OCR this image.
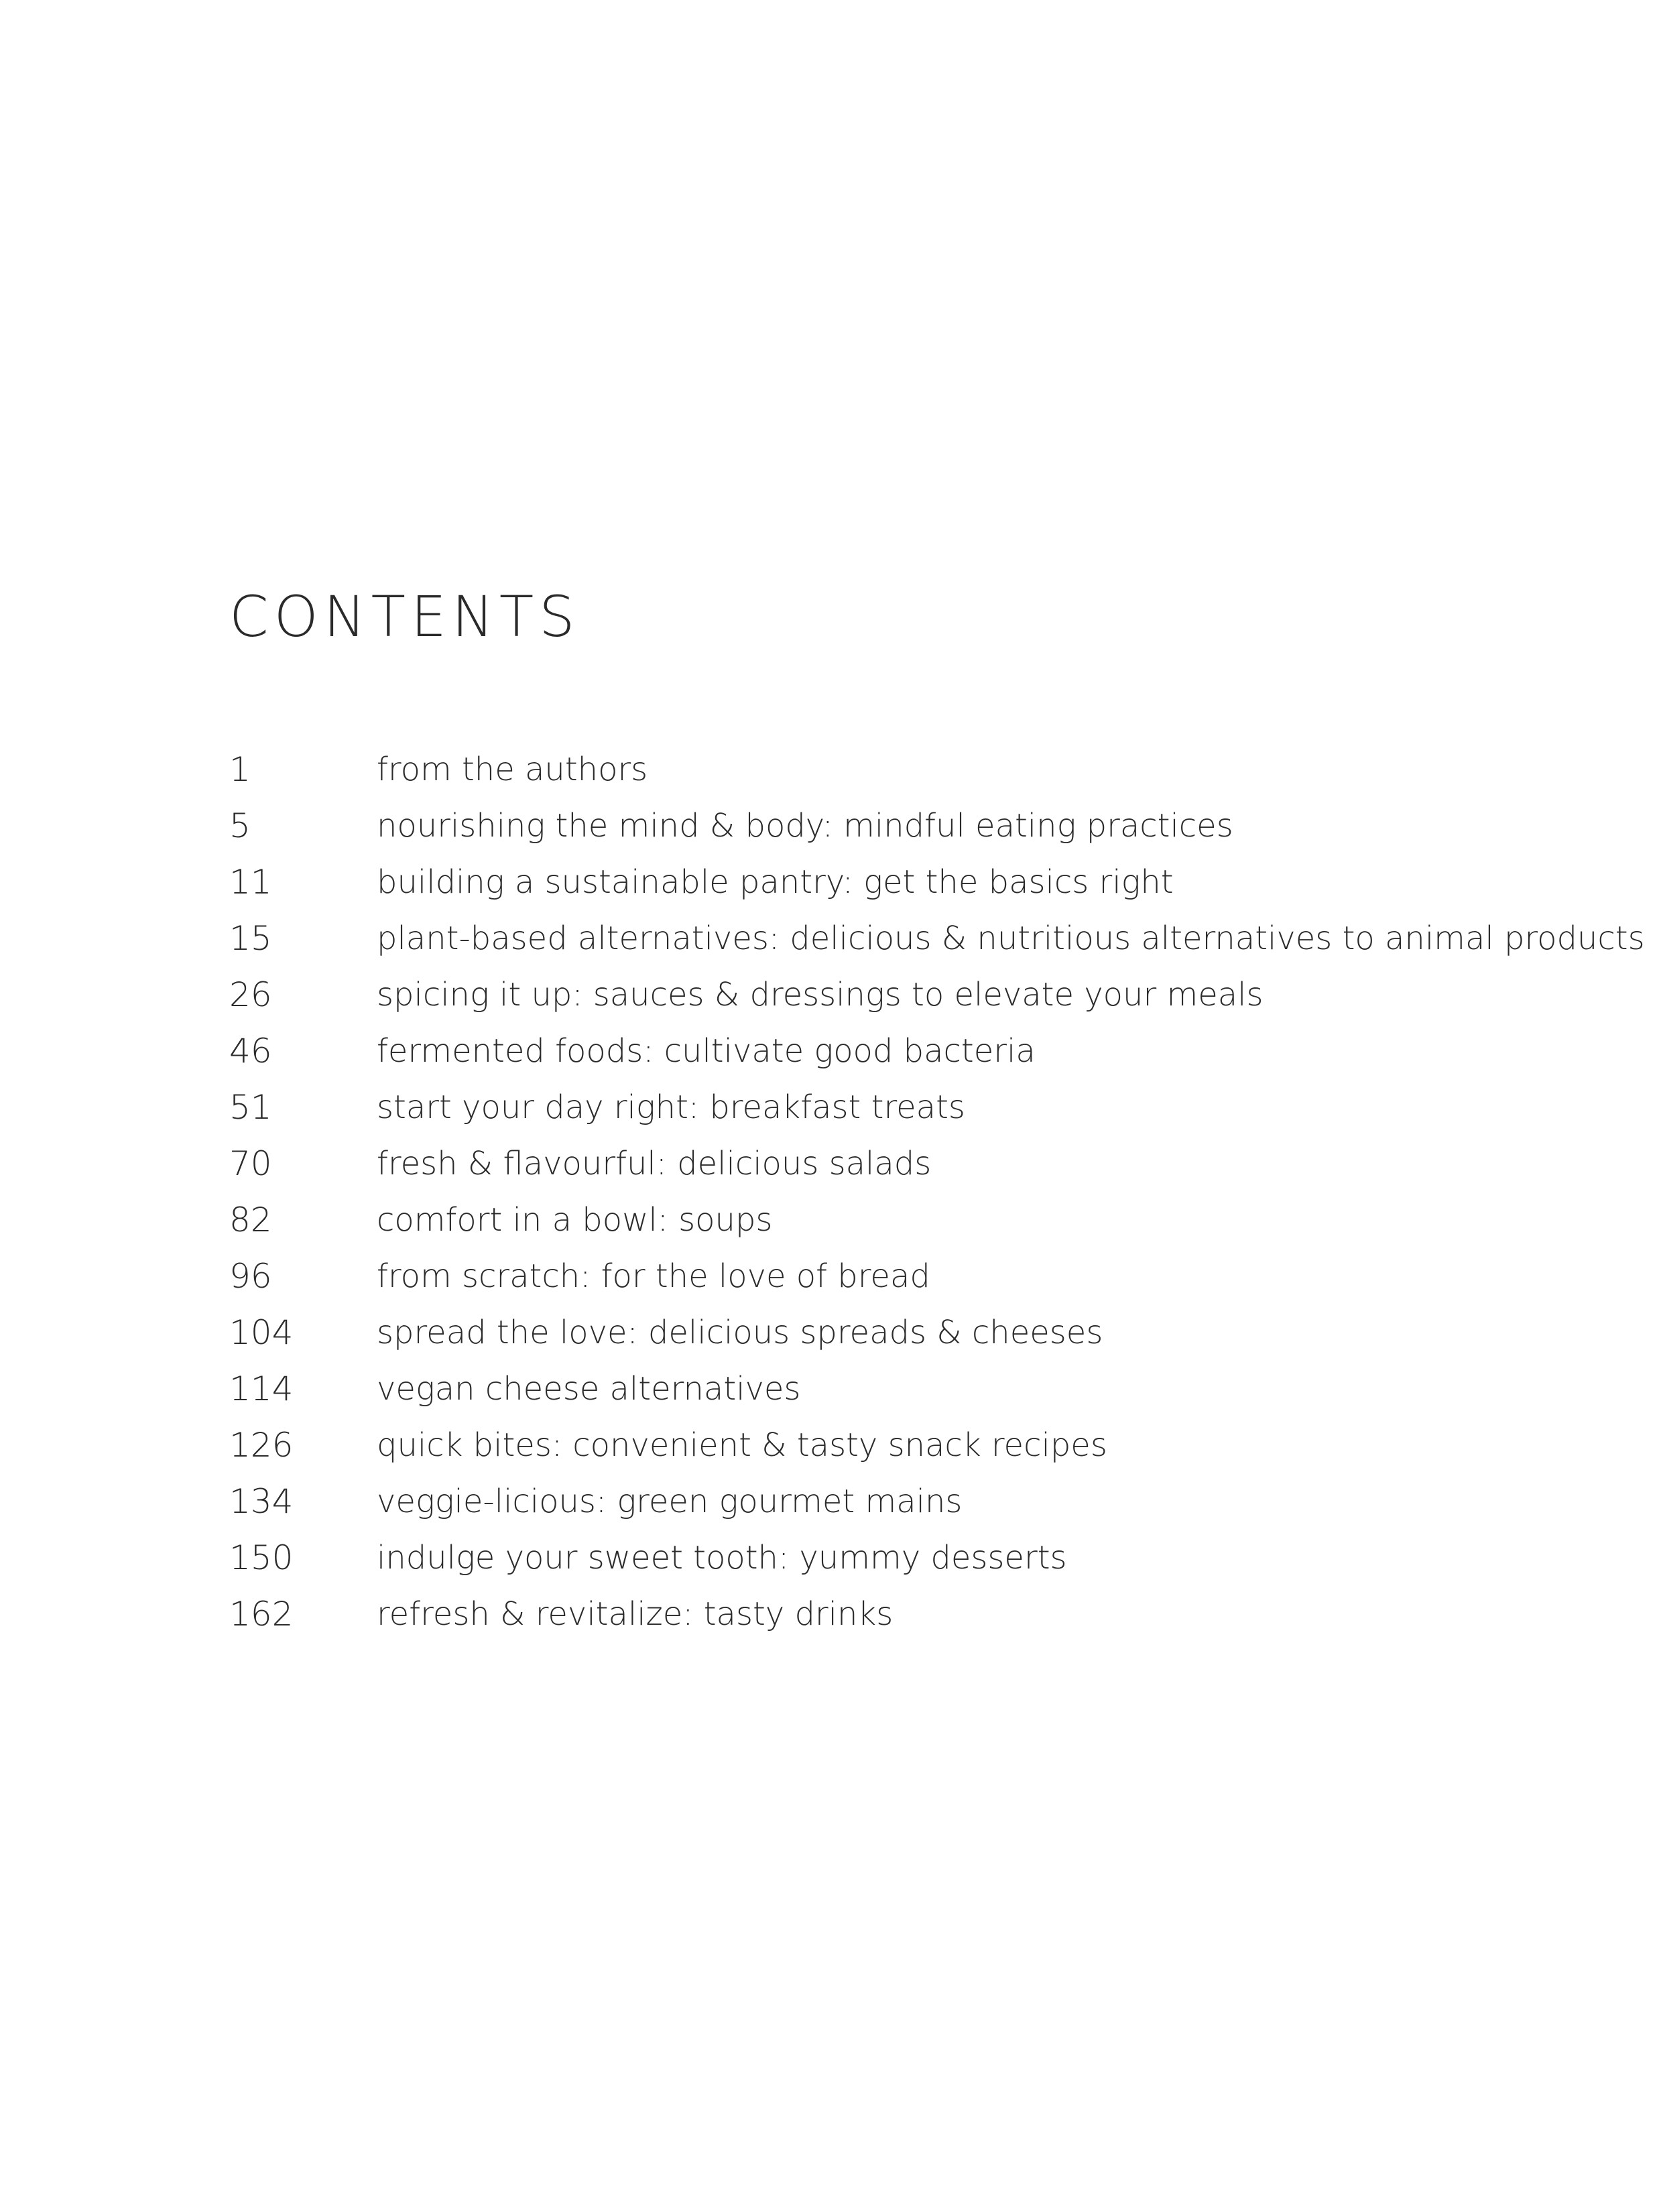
CONTENTS
1	from the authors
5	nourishing the mind & body: mindful eating practices
11	building a sustainable pantry: get the basics right
15	plant-based alternatives: delicious & nutritious alternatives to animal products
26	spicing it up: sauces & dressings to elevate your meals
46	fermented foods: cultivate good bacteria
51	start your day right: breakfast treats
70	fresh & flavourful: delicious salads
82	comfort in a bowl: soups
96	from scratch: for the love of bread
104	spread the love: delicious spreads & cheeses
114	vegan cheese alternatives
126	quick bites: convenient & tasty snack recipes
134	veggie-licious: green gourmet mains
150	indulge your sweet tooth: yummy desserts
162	refresh & revitalize: tasty drinks
